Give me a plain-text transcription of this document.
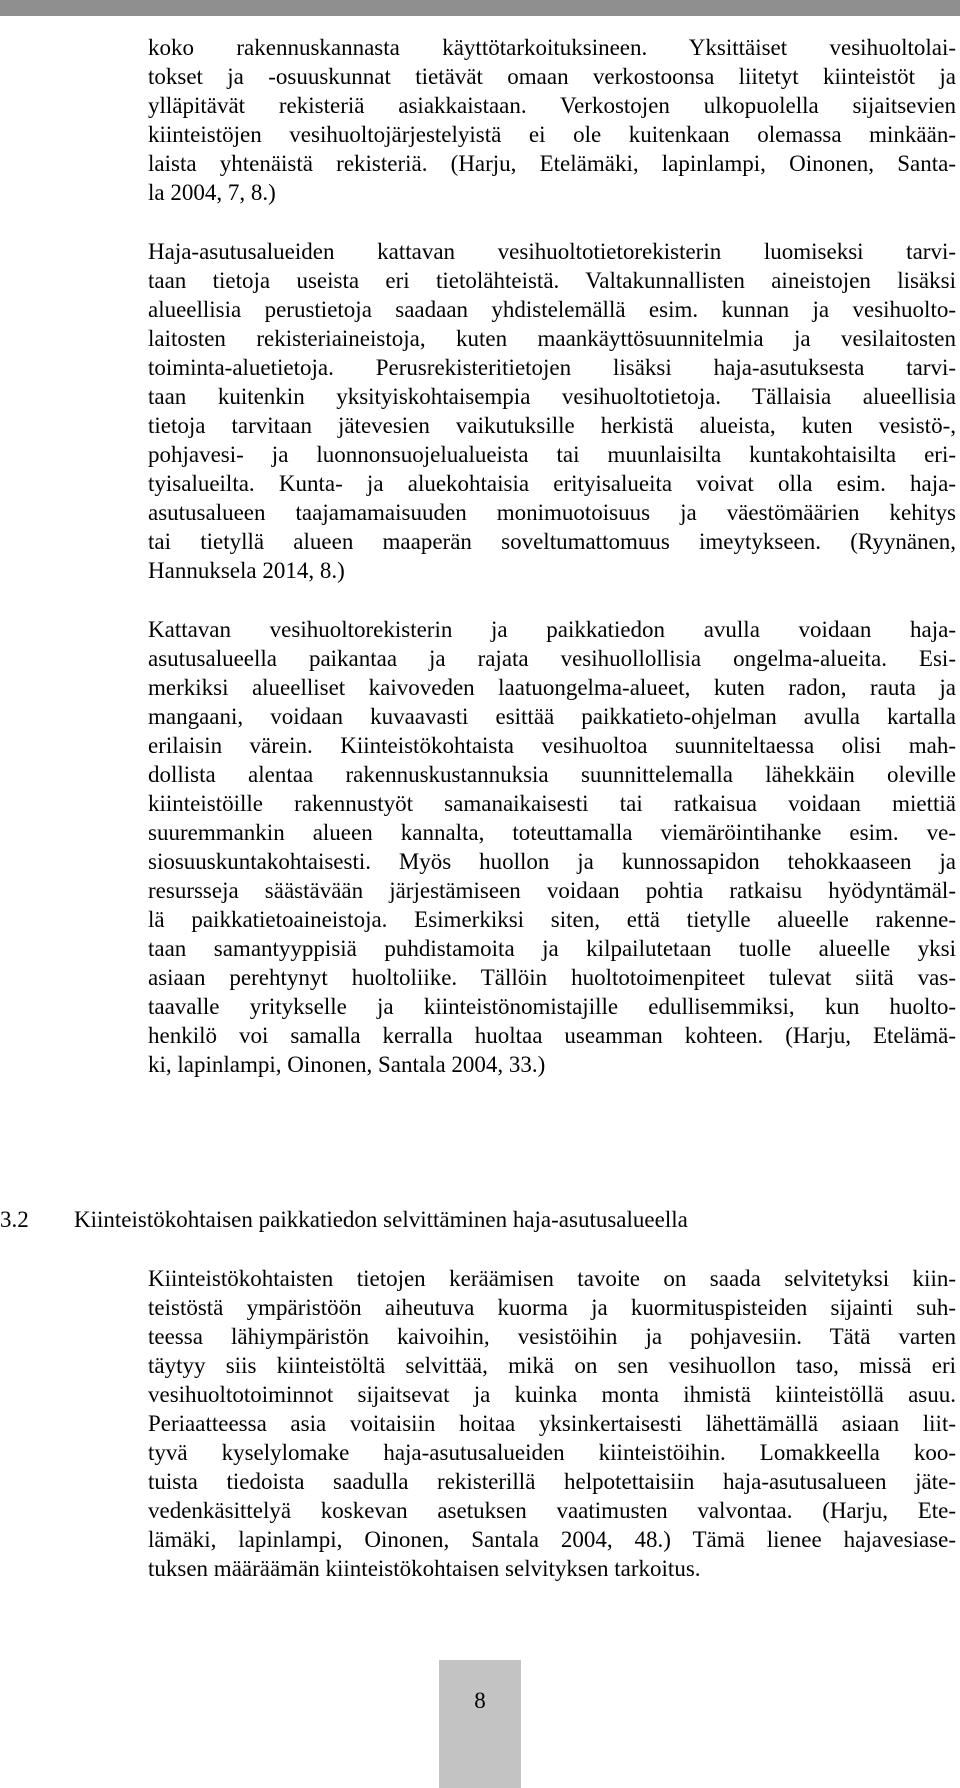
koko rakennuskannasta käyttötarkoituksineen. Yksittäiset vesihuoltolai-
tokset ja -osuuskunnat tietävät omaan verkostoonsa liitetyt kiinteistöt ja
ylläpitävät rekisteriä asiakkaistaan. Verkostojen ulkopuolella sijaitsevien
kiinteistöjen vesihuoltojärjestelyistä ei ole kuitenkaan olemassa minkään-
laista yhtenäistä rekisteriä. (Harju, Etelämäki, lapinlampi, Oinonen, Santa-
la 2004, 7, 8.)
Haja-asutusalueiden kattavan vesihuoltotietorekisterin luomiseksi tarvi-
taan tietoja useista eri tietolähteistä. Valtakunnallisten aineistojen lisäksi
alueellisia perustietoja saadaan yhdistelemällä esim. kunnan ja vesihuolto-
laitosten rekisteriaineistoja, kuten maankäyttösuunnitelmia ja vesilaitosten
toiminta-aluetietoja. Perusrekisteritietojen lisäksi haja-asutuksesta tarvi-
taan kuitenkin yksityiskohtaisempia vesihuoltotietoja. Tällaisia alueellisia
tietoja tarvitaan jätevesien vaikutuksille herkistä alueista, kuten vesistö-,
pohjavesi- ja luonnonsuojelualueista tai muunlaisilta kuntakohtaisilta eri-
tyisalueilta. Kunta- ja aluekohtaisia erityisalueita voivat olla esim. haja-
asutusalueen taajamamaisuuden monimuotoisuus ja väestömäärien kehitys
tai tietyllä alueen maaperän soveltumattomuus imeytykseen. (Ryynänen,
Hannuksela 2014, 8.)
Kattavan vesihuoltorekisterin ja paikkatiedon avulla voidaan haja-
asutusalueella paikantaa ja rajata vesihuollollisia ongelma-alueita. Esi-
merkiksi alueelliset kaivoveden laatuongelma-alueet, kuten radon, rauta ja
mangaani, voidaan kuvaavasti esittää paikkatieto-ohjelman avulla kartalla
erilaisin värein. Kiinteistökohtaista vesihuoltoa suunniteltaessa olisi mah-
dollista alentaa rakennuskustannuksia suunnittelemalla lähekkäin oleville
kiinteistöille rakennustyöt samanaikaisesti tai ratkaisua voidaan miettiä
suuremmankin alueen kannalta, toteuttamalla viemäröintihanke esim. ve-
siosuuskuntakohtaisesti. Myös huollon ja kunnossapidon tehokkaaseen ja
resursseja säästävään järjestämiseen voidaan pohtia ratkaisu hyödyntämäl-
lä paikkatietoaineistoja. Esimerkiksi siten, että tietylle alueelle rakenne-
taan samantyyppisiä puhdistamoita ja kilpailutetaan tuolle alueelle yksi
asiaan perehtynyt huoltoliike. Tällöin huoltotoimenpiteet tulevat siitä vas-
taavalle yritykselle ja kiinteistönomistajille edullisemmiksi, kun huolto-
henkilö voi samalla kerralla huoltaa useamman kohteen. (Harju, Etelämä-
ki, lapinlampi, Oinonen, Santala 2004, 33.)
3.2 Kiinteistökohtaisen paikkatiedon selvittäminen haja-asutusalueella
Kiinteistökohtaisten tietojen keräämisen tavoite on saada selvitetyksi kiin-
teistöstä ympäristöön aiheutuva kuorma ja kuormituspisteiden sijainti suh-
teessa lähiympäristön kaivoihin, vesistöihin ja pohjavesiin. Tätä varten
täytyy siis kiinteistöltä selvittää, mikä on sen vesihuollon taso, missä eri
vesihuoltotoiminnot sijaitsevat ja kuinka monta ihmistä kiinteistöllä asuu.
Periaatteessa asia voitaisiin hoitaa yksinkertaisesti lähettämällä asiaan liit-
tyvä kyselylomake haja-asutusalueiden kiinteistöihin. Lomakkeella koo-
tuista tiedoista saadulla rekisterillä helpotettaisiin haja-asutusalueen jäte-
vedenkäsittelyä koskevan asetuksen vaatimusten valvontaa. (Harju, Ete-
lämäki, lapinlampi, Oinonen, Santala 2004, 48.) Tämä lienee hajavesiase-
tuksen määräämän kiinteistökohtaisen selvityksen tarkoitus.
8
